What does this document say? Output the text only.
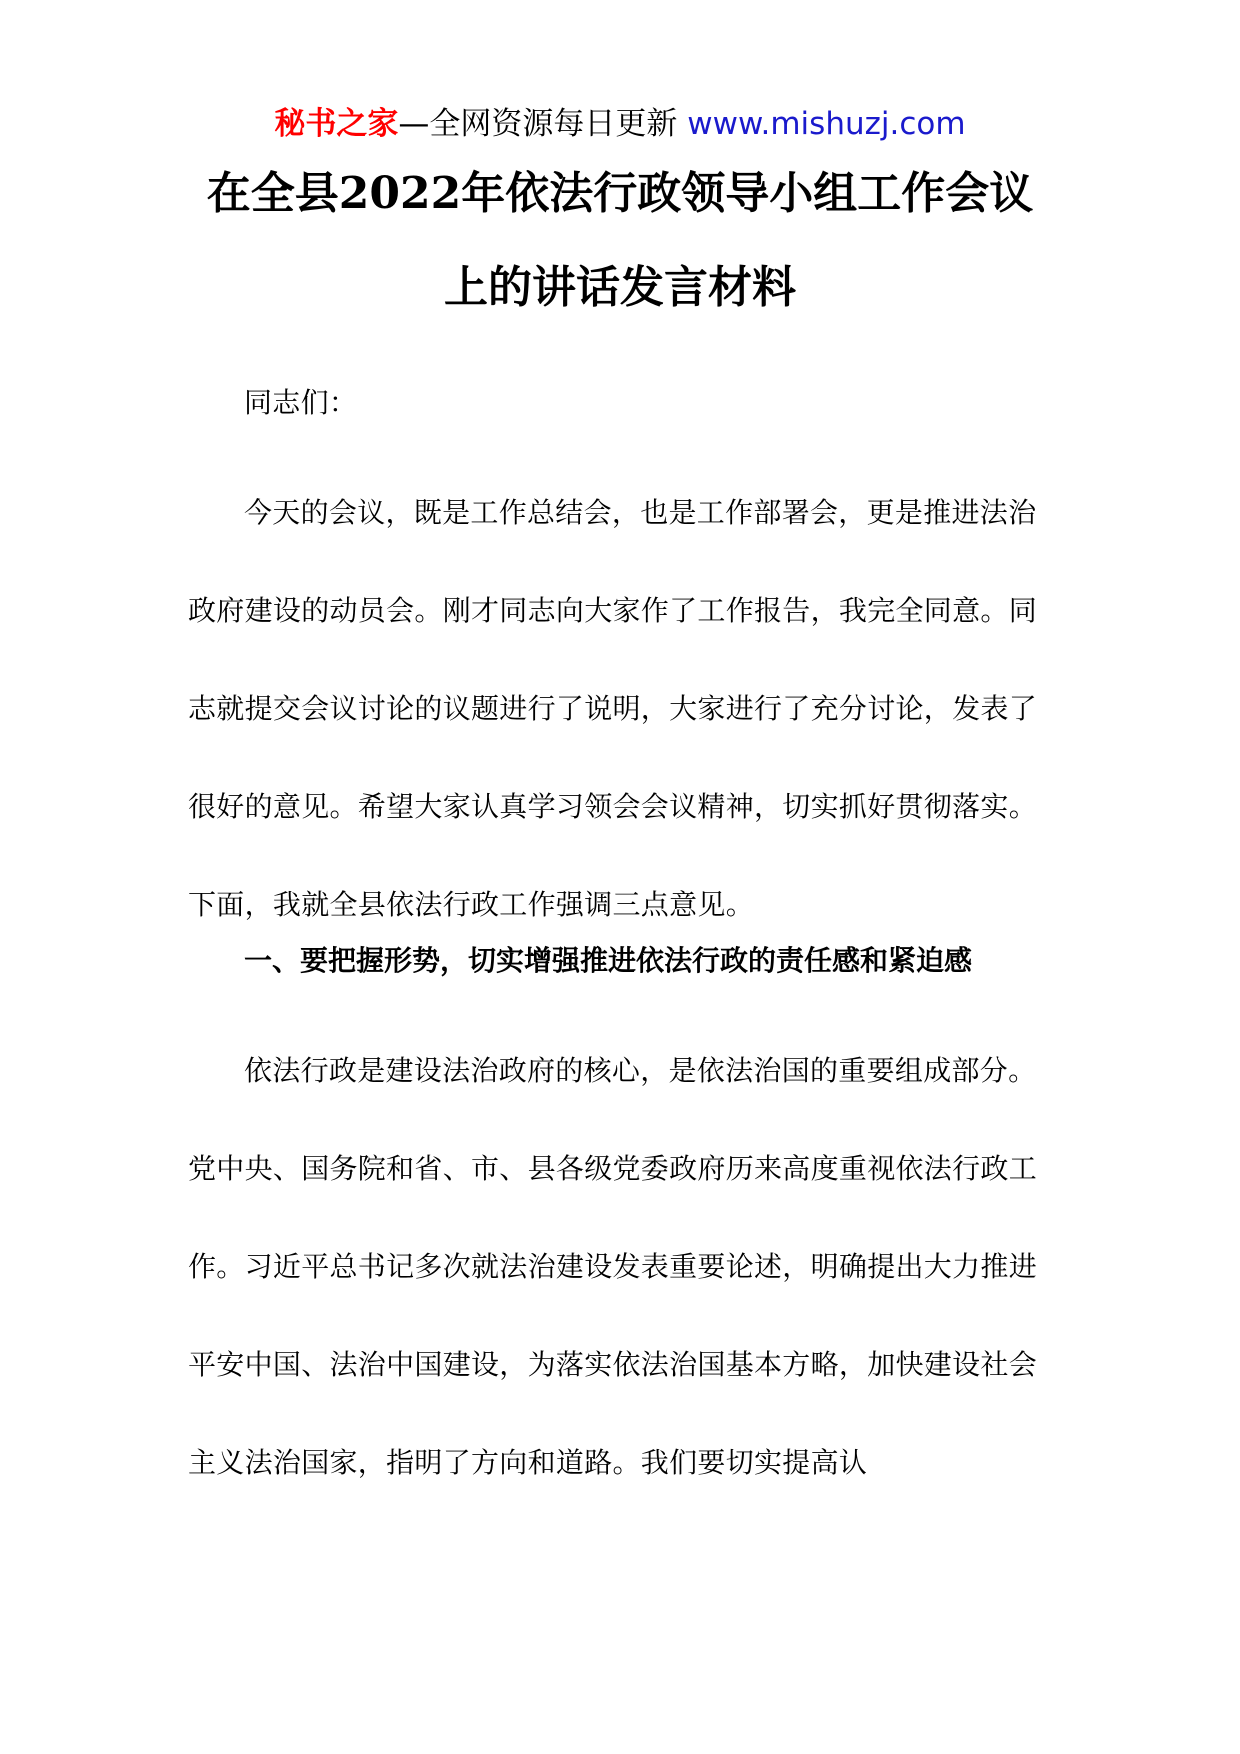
秘书之家—全网资源每日更新 www.mishuzj.com
在全县2022年依法行政领导小组工作会议
上的讲话发言材料

同志们：

今天的会议，既是工作总结会，也是工作部署会，更是推进法治政府建设的动员会。刚才同志向大家作了工作报告，我完全同意。同志就提交会议讨论的议题进行了说明，大家进行了充分讨论，发表了很好的意见。希望大家认真学习领会会议精神，切实抓好贯彻落实。下面，我就全县依法行政工作强调三点意见。

一、要把握形势，切实增强推进依法行政的责任感和紧迫感

依法行政是建设法治政府的核心，是依法治国的重要组成部分。党中央、国务院和省、市、县各级党委政府历来高度重视依法行政工作。习近平总书记多次就法治建设发表重要论述，明确提出大力推进平安中国、法治中国建设，为落实依法治国基本方略，加快建设社会主义法治国家，指明了方向和道路。我们要切实提高认
